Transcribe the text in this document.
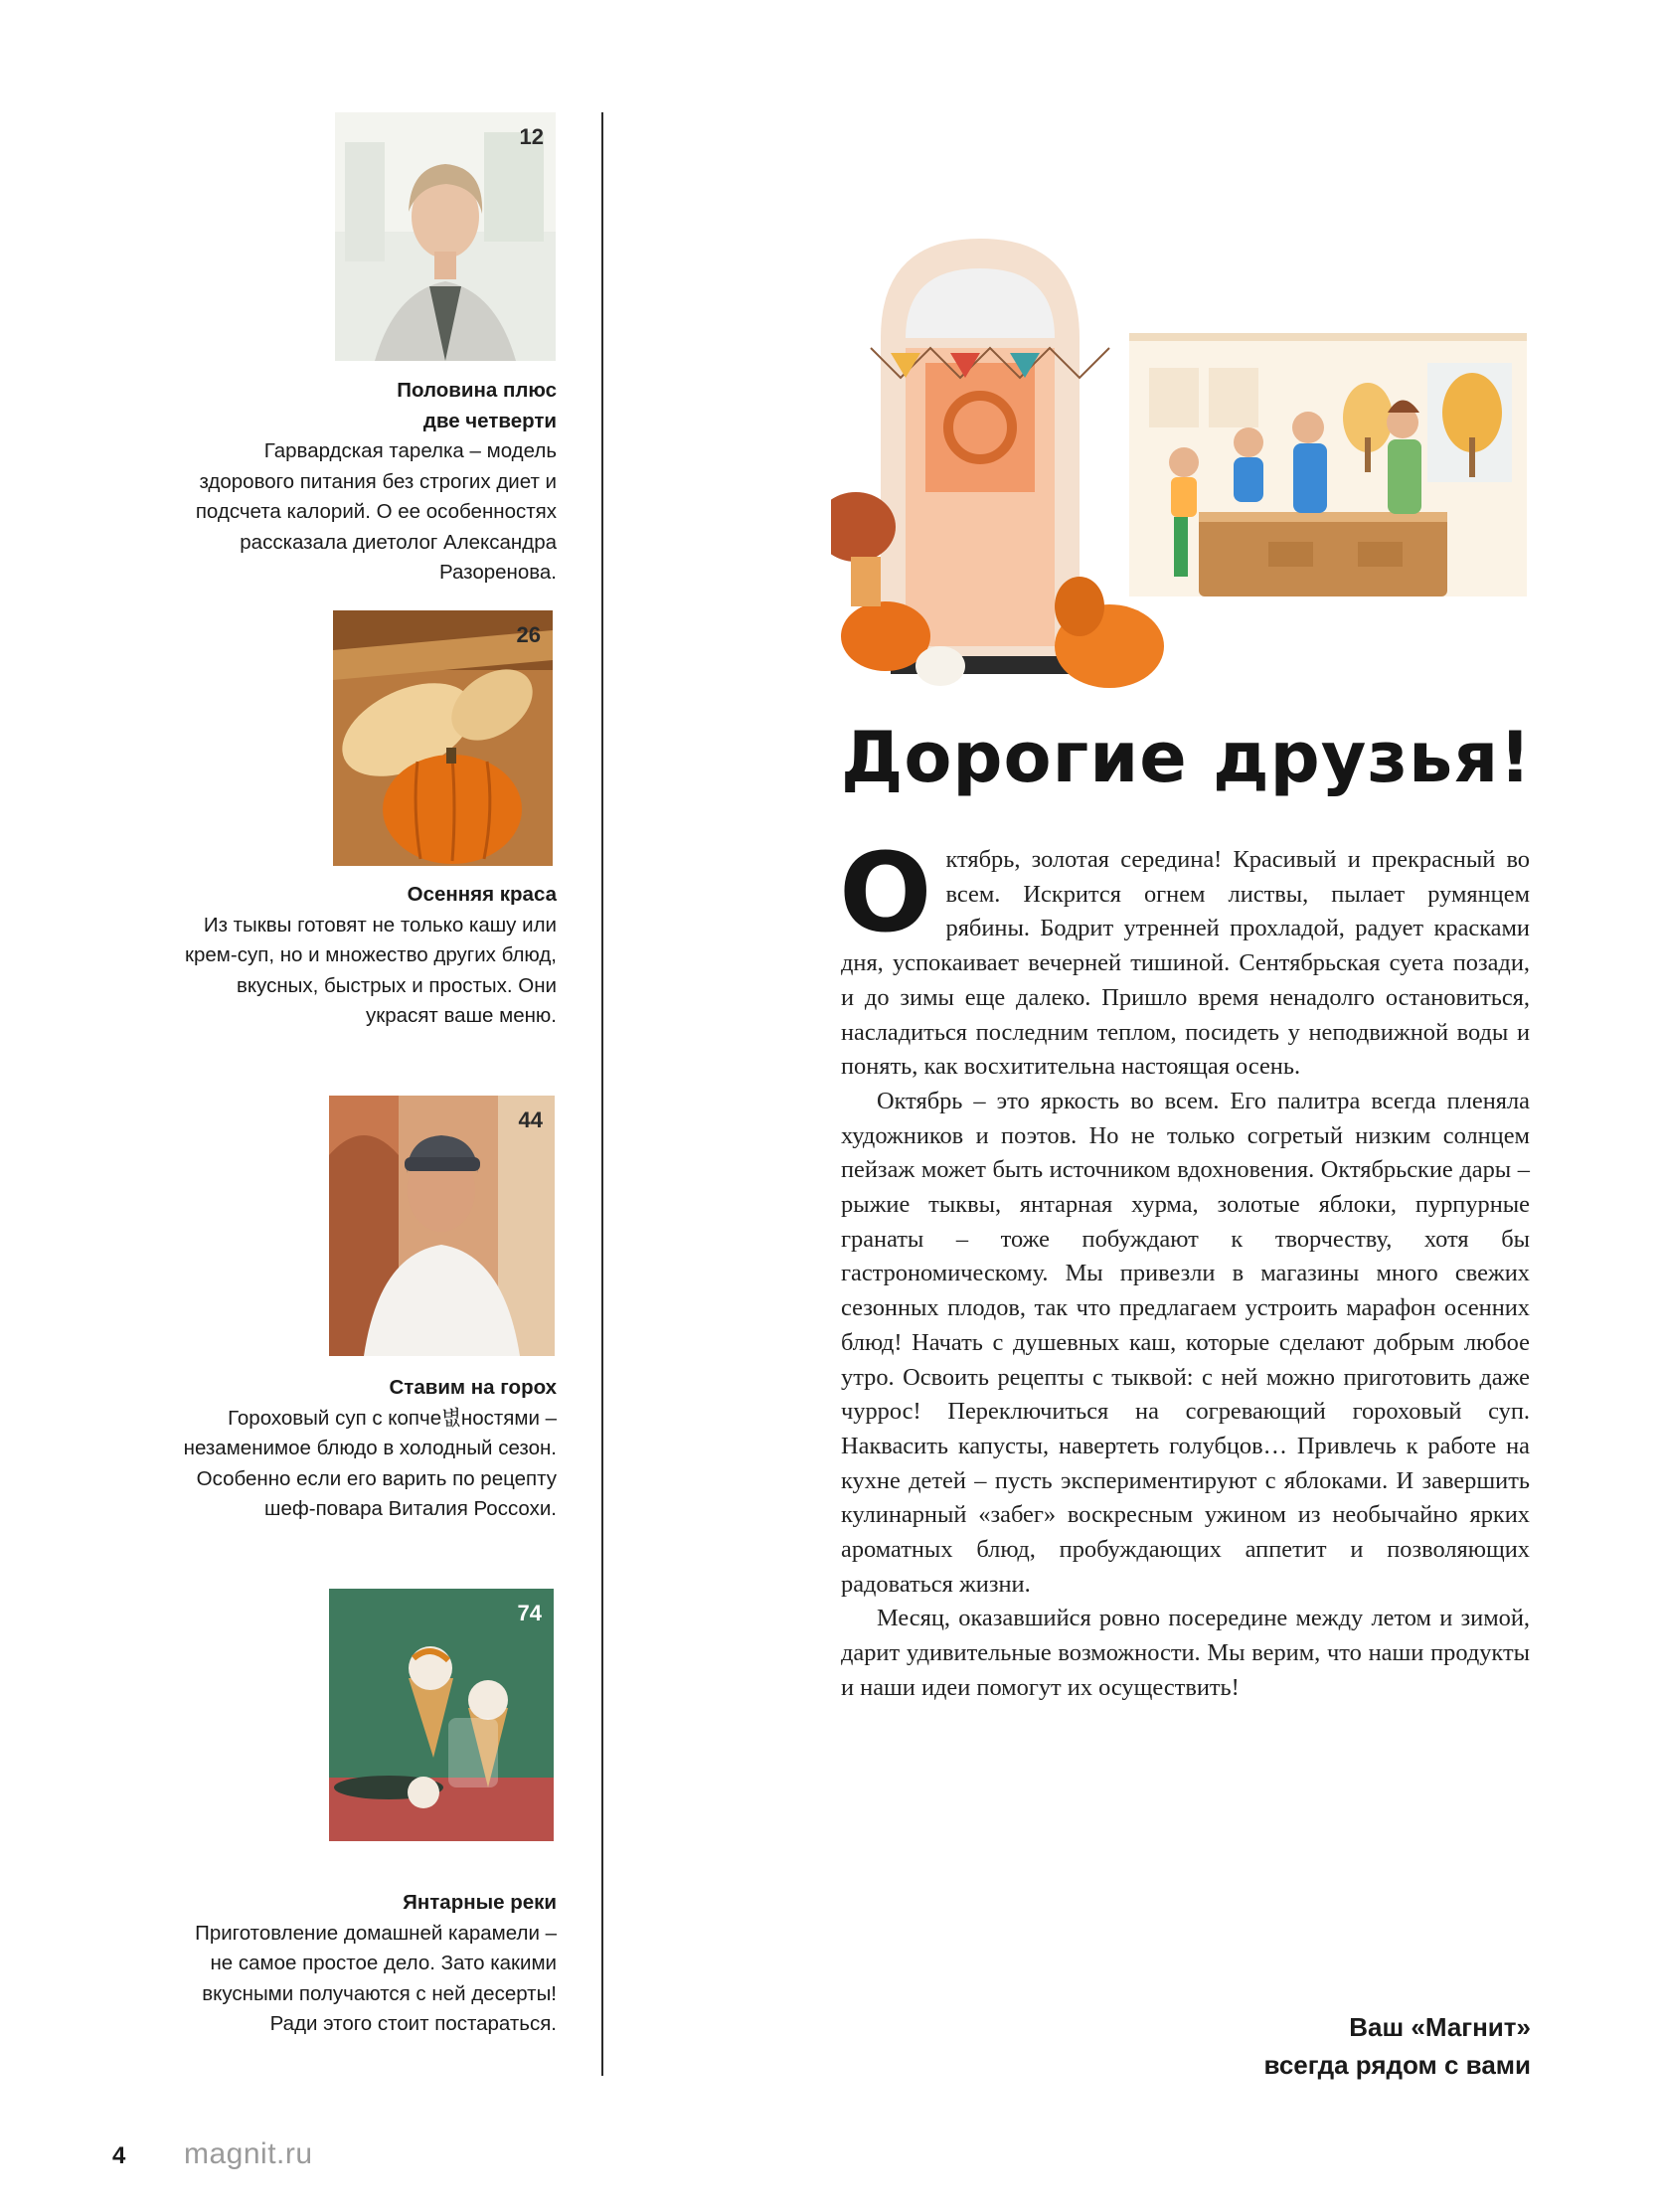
12
Половина плюс
две четверти
Гарвардская тарелка – модель здорового питания без строгих диет и подсчета калорий. О ее особенностях рассказала диетолог Александра Разоренова.
26
Осенняя краса
Из тыквы готовят не только кашу или крем-суп, но и множество других блюд, вкусных, быстрых и простых. Они украсят ваше меню.
44
Ставим на горох
Гороховый суп с копче볎ностями – незаменимое блюдо в холодный сезон. Особенно если его варить по рецепту шеф-повара Виталия Россохи.
74
Янтарные реки
Приготовление домашней карамели – не самое простое дело. Зато какими вкусными получаются с ней десерты! Ради этого стоит постараться.
Дорогие друзья!

Октябрь, золотая середина! Красивый и прекрасный во всем. Искрится огнем листвы, пылает румянцем рябины. Бодрит утренней прохладой, радует красками дня, успокаивает вечерней тишиной. Сентябрьская суета позади, и до зимы еще далеко. Пришло время ненадолго остановиться, насладиться последним теплом, посидеть у неподвижной воды и понять, как восхитительна настоящая осень.

Октябрь – это яркость во всем. Его палитра всегда пленяла художников и поэтов. Но не только согретый низким солнцем пейзаж может быть источником вдохновения. Октябрьские дары – рыжие тыквы, янтарная хурма, золотые яблоки, пурпурные гранаты – тоже побуждают к творчеству, хотя бы гастрономическому. Мы привезли в магазины много свежих сезонных плодов, так что предлагаем устроить марафон осенних блюд! Начать с душевных каш, которые сделают добрым любое утро. Освоить рецепты с тыквой: с ней можно приготовить даже чуррос! Переключиться на согревающий гороховый суп. Наквасить капусты, навертеть голубцов… Привлечь к работе на кухне детей – пусть экспериментируют с яблоками. И завершить кулинарный «забег» воскресным ужином из необычайно ярких ароматных блюд, пробуждающих аппетит и позволяющих радоваться жизни.

Месяц, оказавшийся ровно посередине между летом и зимой, дарит удивительные возможности. Мы верим, что наши продукты и наши идеи помогут их осуществить!

Ваш «Магнит»
всегда рядом с вами
4 magnit.ru
